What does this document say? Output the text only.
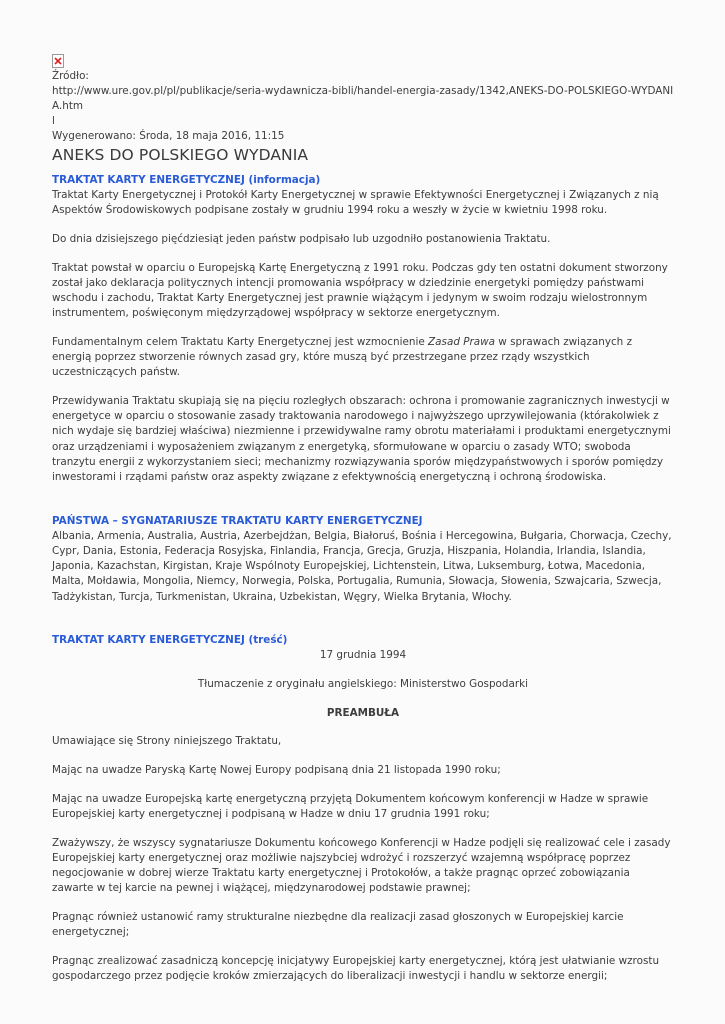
Źródło:
http://www.ure.gov.pl/pl/publikacje/seria-wydawnicza-bibli/handel-energia-zasady/1342,ANEKS-DO-POLSKIEGO-WYDANIA.htm
l
Wygenerowano: Środa, 18 maja 2016, 11:15
ANEKS DO POLSKIEGO WYDANIA
TRAKTAT KARTY ENERGETYCZNEJ (informacja)

Traktat Karty Energetycznej i Protokół Karty Energetycznej w sprawie Efektywności Energetycznej i Związanych z nią Aspektów Środowiskowych podpisane zostały w grudniu 1994 roku a weszły w życie w kwietniu 1998 roku.

Do dnia dzisiejszego pięćdziesiąt jeden państw podpisało lub uzgodniło postanowienia Traktatu.

Traktat powstał w oparciu o Europejską Kartę Energetyczną z 1991 roku. Podczas gdy ten ostatni dokument stworzony został jako deklaracja politycznych intencji promowania współpracy w dziedzinie energetyki pomiędzy państwami wschodu i zachodu, Traktat Karty Energetycznej jest prawnie wiążącym i jedynym w swoim rodzaju wielostronnym instrumentem, poświęconym międzyrządowej współpracy w sektorze energetycznym.

Fundamentalnym celem Traktatu Karty Energetycznej jest wzmocnienie Zasad Prawa w sprawach związanych z energią poprzez stworzenie równych zasad gry, które muszą być przestrzegane przez rządy wszystkich uczestniczących państw.

Przewidywania Traktatu skupiają się na pięciu rozległych obszarach: ochrona i promowanie zagranicznych inwestycji w energetyce w oparciu o stosowanie zasady traktowania narodowego i najwyższego uprzywilejowania (którakolwiek z nich wydaje się bardziej właściwa) niezmienne i przewidywalne ramy obrotu materiałami i produktami energetycznymi oraz urządzeniami i wyposażeniem związanym z energetyką, sformułowane w oparciu o zasady WTO; swoboda tranzytu energii z wykorzystaniem sieci; mechanizmy rozwiązywania sporów międzypaństwowych i sporów pomiędzy inwestorami i rządami państw oraz aspekty związane z efektywnością energetyczną i ochroną środowiska.

PAŃSTWA – SYGNATARIUSZE TRAKTATU KARTY ENERGETYCZNEJ

Albania, Armenia, Australia, Austria, Azerbejdżan, Belgia, Białoruś, Bośnia i Hercegowina, Bułgaria, Chorwacja, Czechy, Cypr, Dania, Estonia, Federacja Rosyjska, Finlandia, Francja, Grecja, Gruzja, Hiszpania, Holandia, Irlandia, Islandia, Japonia, Kazachstan, Kirgistan, Kraje Wspólnoty Europejskiej, Lichtenstein, Litwa, Luksemburg, Łotwa, Macedonia, Malta, Mołdawia, Mongolia, Niemcy, Norwegia, Polska, Portugalia, Rumunia, Słowacja, Słowenia, Szwajcaria, Szwecja, Tadżykistan, Turcja, Turkmenistan, Ukraina, Uzbekistan, Węgry, Wielka Brytania, Włochy.

TRAKTAT KARTY ENERGETYCZNEJ (treść)

17 grudnia 1994

Tłumaczenie z oryginału angielskiego: Ministerstwo Gospodarki

PREAMBUŁA

Umawiające się Strony niniejszego Traktatu,

Mając na uwadze Paryską Kartę Nowej Europy podpisaną dnia 21 listopada 1990 roku;

Mając na uwadze Europejską kartę energetyczną przyjętą Dokumentem końcowym konferencji w Hadze w sprawie Europejskiej karty energetycznej i podpisaną w Hadze w dniu 17 grudnia 1991 roku;

Zważywszy, że wszyscy sygnatariusze Dokumentu końcowego Konferencji w Hadze podjęli się realizować cele i zasady Europejskiej karty energetycznej oraz możliwie najszybciej wdrożyć i rozszerzyć wzajemną współpracę poprzez negocjowanie w dobrej wierze Traktatu karty energetycznej i Protokołów, a także pragnąc oprzeć zobowiązania zawarte w tej karcie na pewnej i wiążącej, międzynarodowej podstawie prawnej;

Pragnąc również ustanowić ramy strukturalne niezbędne dla realizacji zasad głoszonych w Europejskiej karcie energetycznej;

Pragnąc zrealizować zasadniczą koncepcję inicjatywy Europejskiej karty energetycznej, którą jest ułatwianie wzrostu gospodarczego przez podjęcie kroków zmierzających do liberalizacji inwestycji i handlu w sektorze energii;
